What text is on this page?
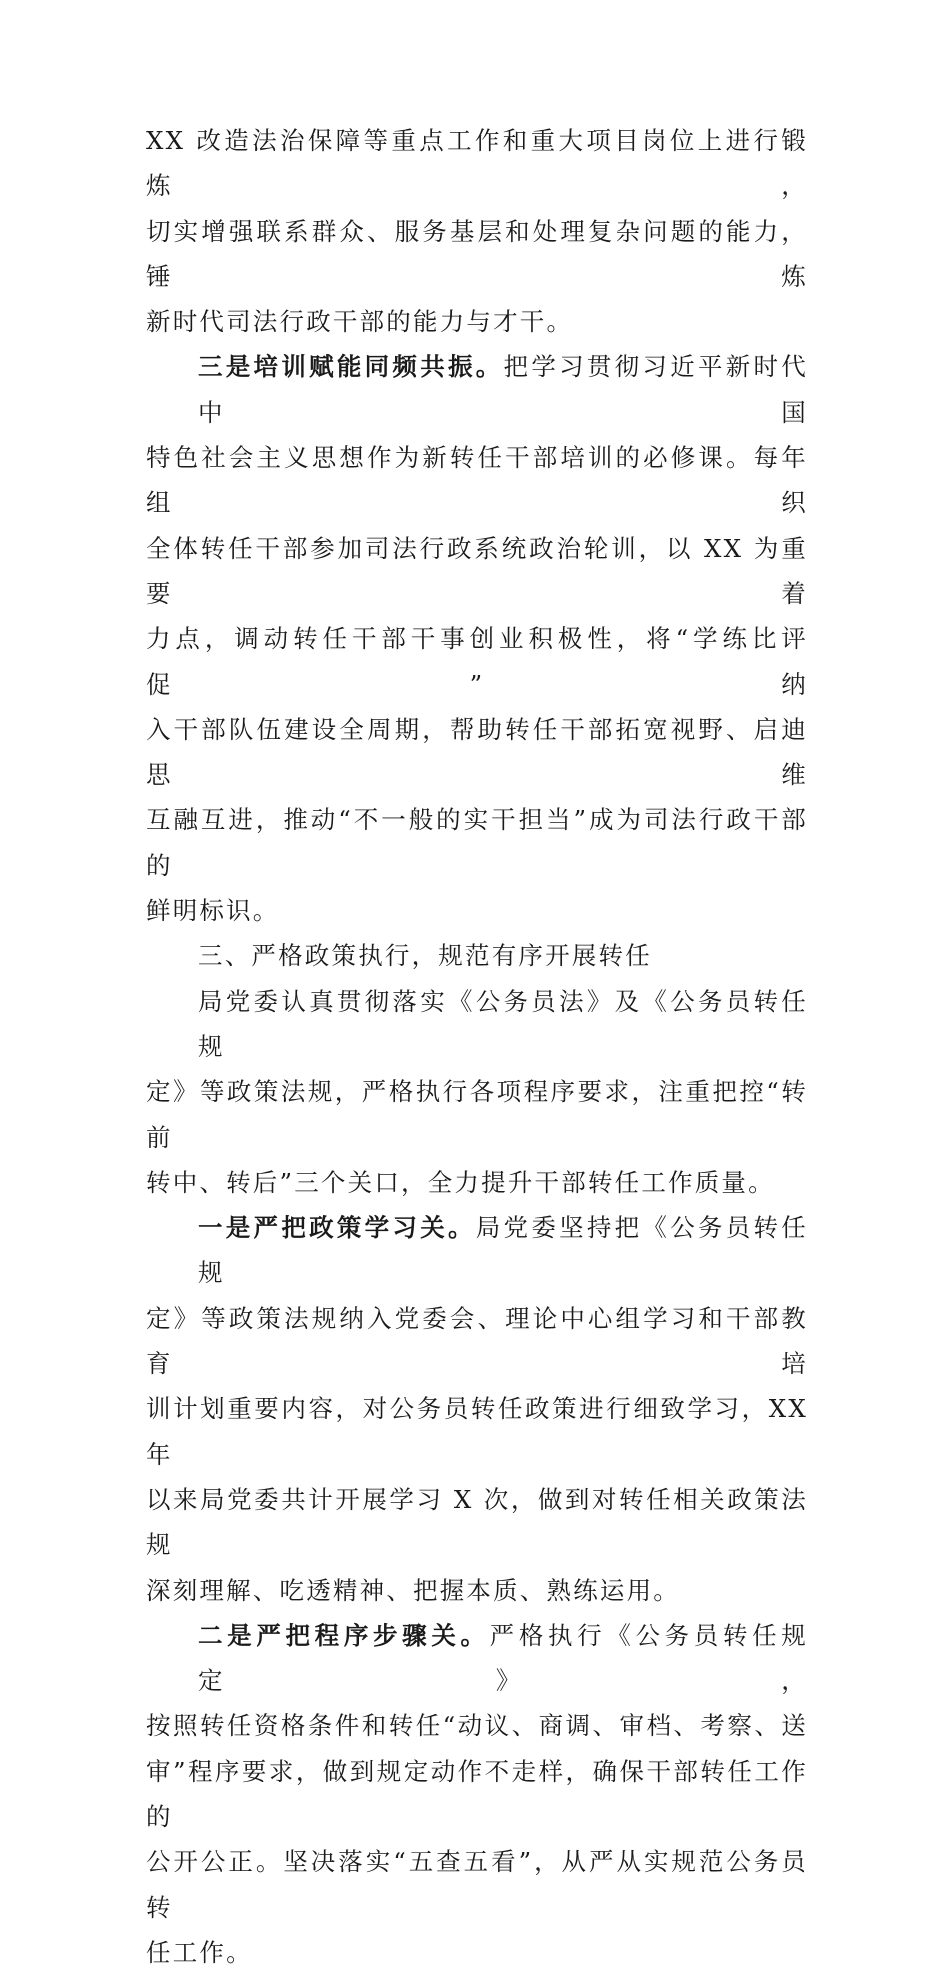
XX 改造法治保障等重点工作和重大项目岗位上进行锻炼，
切实增强联系群众、服务基层和处理复杂问题的能力，锤炼
新时代司法行政干部的能力与才干。
三是培训赋能同频共振。把学习贯彻习近平新时代中国
特色社会主义思想作为新转任干部培训的必修课。每年组织
全体转任干部参加司法行政系统政治轮训，以 XX 为重要着
力点，调动转任干部干事创业积极性，将“学练比评促”纳
入干部队伍建设全周期，帮助转任干部拓宽视野、启迪思维
互融互进，推动“不一般的实干担当”成为司法行政干部的
鲜明标识。
三、严格政策执行，规范有序开展转任
局党委认真贯彻落实《公务员法》及《公务员转任规
定》等政策法规，严格执行各项程序要求，注重把控“转前
转中、转后”三个关口，全力提升干部转任工作质量。
一是严把政策学习关。局党委坚持把《公务员转任规
定》等政策法规纳入党委会、理论中心组学习和干部教育培
训计划重要内容，对公务员转任政策进行细致学习，XX 年
以来局党委共计开展学习 X 次，做到对转任相关政策法规
深刻理解、吃透精神、把握本质、熟练运用。
二是严把程序步骤关。严格执行《公务员转任规定》，
按照转任资格条件和转任“动议、商调、审档、考察、送
审”程序要求，做到规定动作不走样，确保干部转任工作的
公开公正。坚决落实“五查五看”，从严从实规范公务员转
任工作。
